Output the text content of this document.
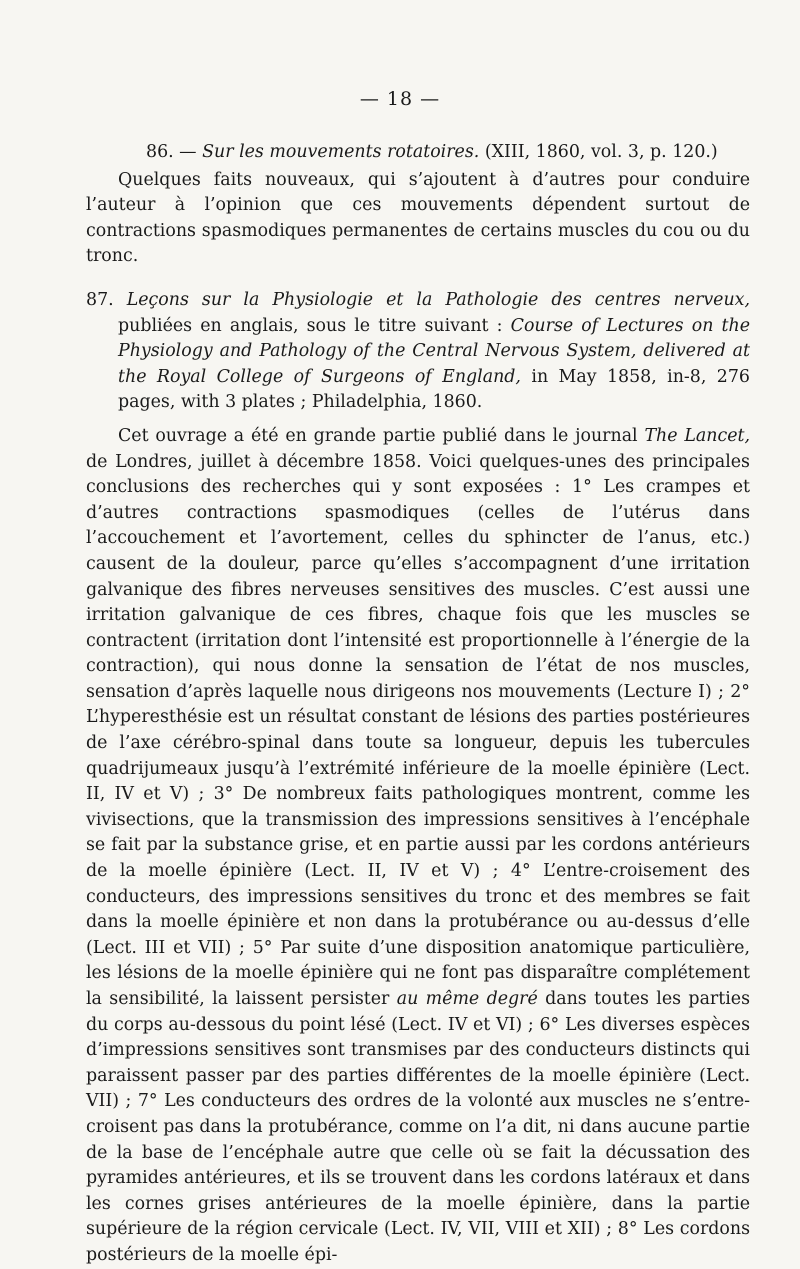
— 18 —

86. — Sur les mouvements rotatoires. (XIII, 1860, vol. 3, p. 120.)

Quelques faits nouveaux, qui s’ajoutent à d’autres pour conduire l’auteur à l’opinion que ces mouvements dépendent surtout de contractions spasmodiques permanentes de certains muscles du cou ou du tronc.

87. Leçons sur la Physiologie et la Pathologie des centres nerveux, publiées en anglais, sous le titre suivant : Course of Lectures on the Physiology and Pathology of the Central Nervous System, delivered at the Royal College of Surgeons of England, in May 1858, in-8, 276 pages, with 3 plates ; Philadelphia, 1860.

Cet ouvrage a été en grande partie publié dans le journal The Lancet, de Londres, juillet à décembre 1858. Voici quelques-unes des principales conclusions des recherches qui y sont exposées : 1° Les crampes et d’autres contractions spasmodiques (celles de l’utérus dans l’accouchement et l’avortement, celles du sphincter de l’anus, etc.) causent de la douleur, parce qu’elles s’accompagnent d’une irritation galvanique des fibres nerveuses sensitives des muscles. C’est aussi une irritation galvanique de ces fibres, chaque fois que les muscles se contractent (irritation dont l’intensité est proportionnelle à l’énergie de la contraction), qui nous donne la sensation de l’état de nos muscles, sensation d’après laquelle nous dirigeons nos mouvements (Lecture I) ; 2° L’hyperesthésie est un résultat constant de lésions des parties postérieures de l’axe cérébro-spinal dans toute sa longueur, depuis les tubercules quadrijumeaux jusqu’à l’extrémité inférieure de la moelle épinière (Lect. II, IV et V) ; 3° De nombreux faits pathologiques montrent, comme les vivisections, que la transmission des impressions sensitives à l’encéphale se fait par la substance grise, et en partie aussi par les cordons antérieurs de la moelle épinière (Lect. II, IV et V) ; 4° L’entre-croisement des conducteurs, des impressions sensitives du tronc et des membres se fait dans la moelle épinière et non dans la protubérance ou au-dessus d’elle (Lect. III et VII) ; 5° Par suite d’une disposition anatomique particulière, les lésions de la moelle épinière qui ne font pas disparaître complétement la sensibilité, la laissent persister au même degré dans toutes les parties du corps au-dessous du point lésé (Lect. IV et VI) ; 6° Les diverses espèces d’impressions sensitives sont transmises par des conducteurs distincts qui paraissent passer par des parties différentes de la moelle épinière (Lect. VII) ; 7° Les conducteurs des ordres de la volonté aux muscles ne s’entre-croisent pas dans la protubérance, comme on l’a dit, ni dans aucune partie de la base de l’encéphale autre que celle où se fait la décussation des pyramides antérieures, et ils se trouvent dans les cordons latéraux et dans les cornes grises antérieures de la moelle épinière, dans la partie supérieure de la région cervicale (Lect. IV, VII, VIII et XII) ; 8° Les cordons postérieurs de la moelle épi-
